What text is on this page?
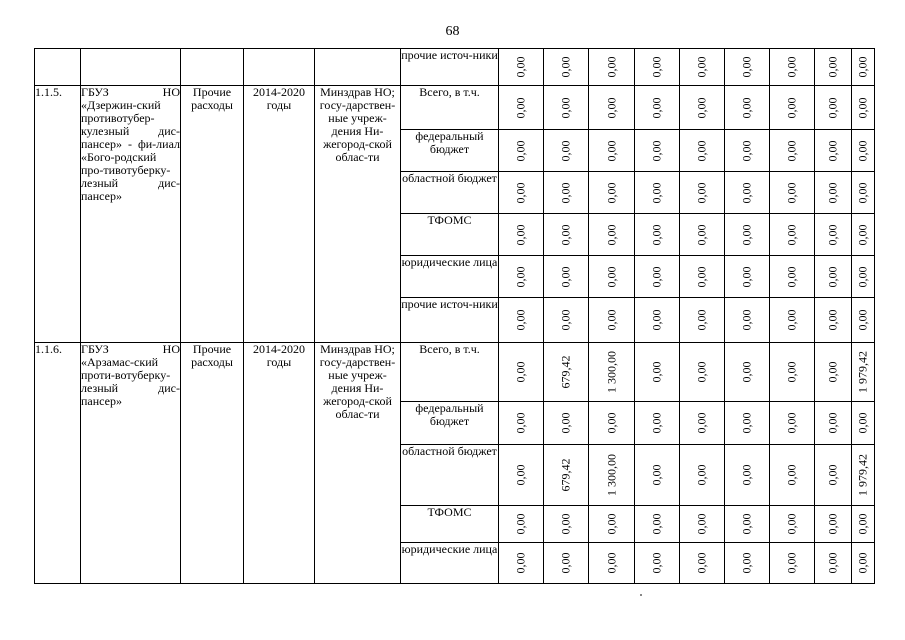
68
					прочие источ-ники	0,00	0,00	0,00	0,00	0,00	0,00	0,00	0,00	0,00

1.1.5.	ГБУЗ НО «Дзержин-ский противотубер-кулезный дис-пансер» - фи-лиал «Бого-родский про-тивотуберку-лезный дис-пансер»	Прочие расходы	2014-2020 годы	Минздрав НО; госу-дарствен-ные учреж-дения Ни-жегород-ской облас-ти	Всего, в т.ч.	0,00	0,00	0,00	0,00	0,00	0,00	0,00	0,00	0,00

					федеральный бюджет	0,00	0,00	0,00	0,00	0,00	0,00	0,00	0,00	0,00

					областной бюджет	0,00	0,00	0,00	0,00	0,00	0,00	0,00	0,00	0,00

					ТФОМС	0,00	0,00	0,00	0,00	0,00	0,00	0,00	0,00	0,00

					юридические лица	0,00	0,00	0,00	0,00	0,00	0,00	0,00	0,00	0,00

					прочие источ-ники	0,00	0,00	0,00	0,00	0,00	0,00	0,00	0,00	0,00

1.1.6.	ГБУЗ НО «Арзамас-ский проти-вотуберку-лезный дис-пансер»	Прочие расходы	2014-2020 годы	Минздрав НО; госу-дарствен-ные учреж-дения Ни-жегород-ской облас-ти	Всего, в т.ч.	0,00	679,42	1 300,00	0,00	0,00	0,00	0,00	0,00	1 979,42

					федеральный бюджет	0,00	0,00	0,00	0,00	0,00	0,00	0,00	0,00	0,00

					областной бюджет	0,00	679,42	1 300,00	0,00	0,00	0,00	0,00	0,00	1 979,42

					ТФОМС	0,00	0,00	0,00	0,00	0,00	0,00	0,00	0,00	0,00

					юридические лица	0,00	0,00	0,00	0,00	0,00	0,00	0,00	0,00	0,00
